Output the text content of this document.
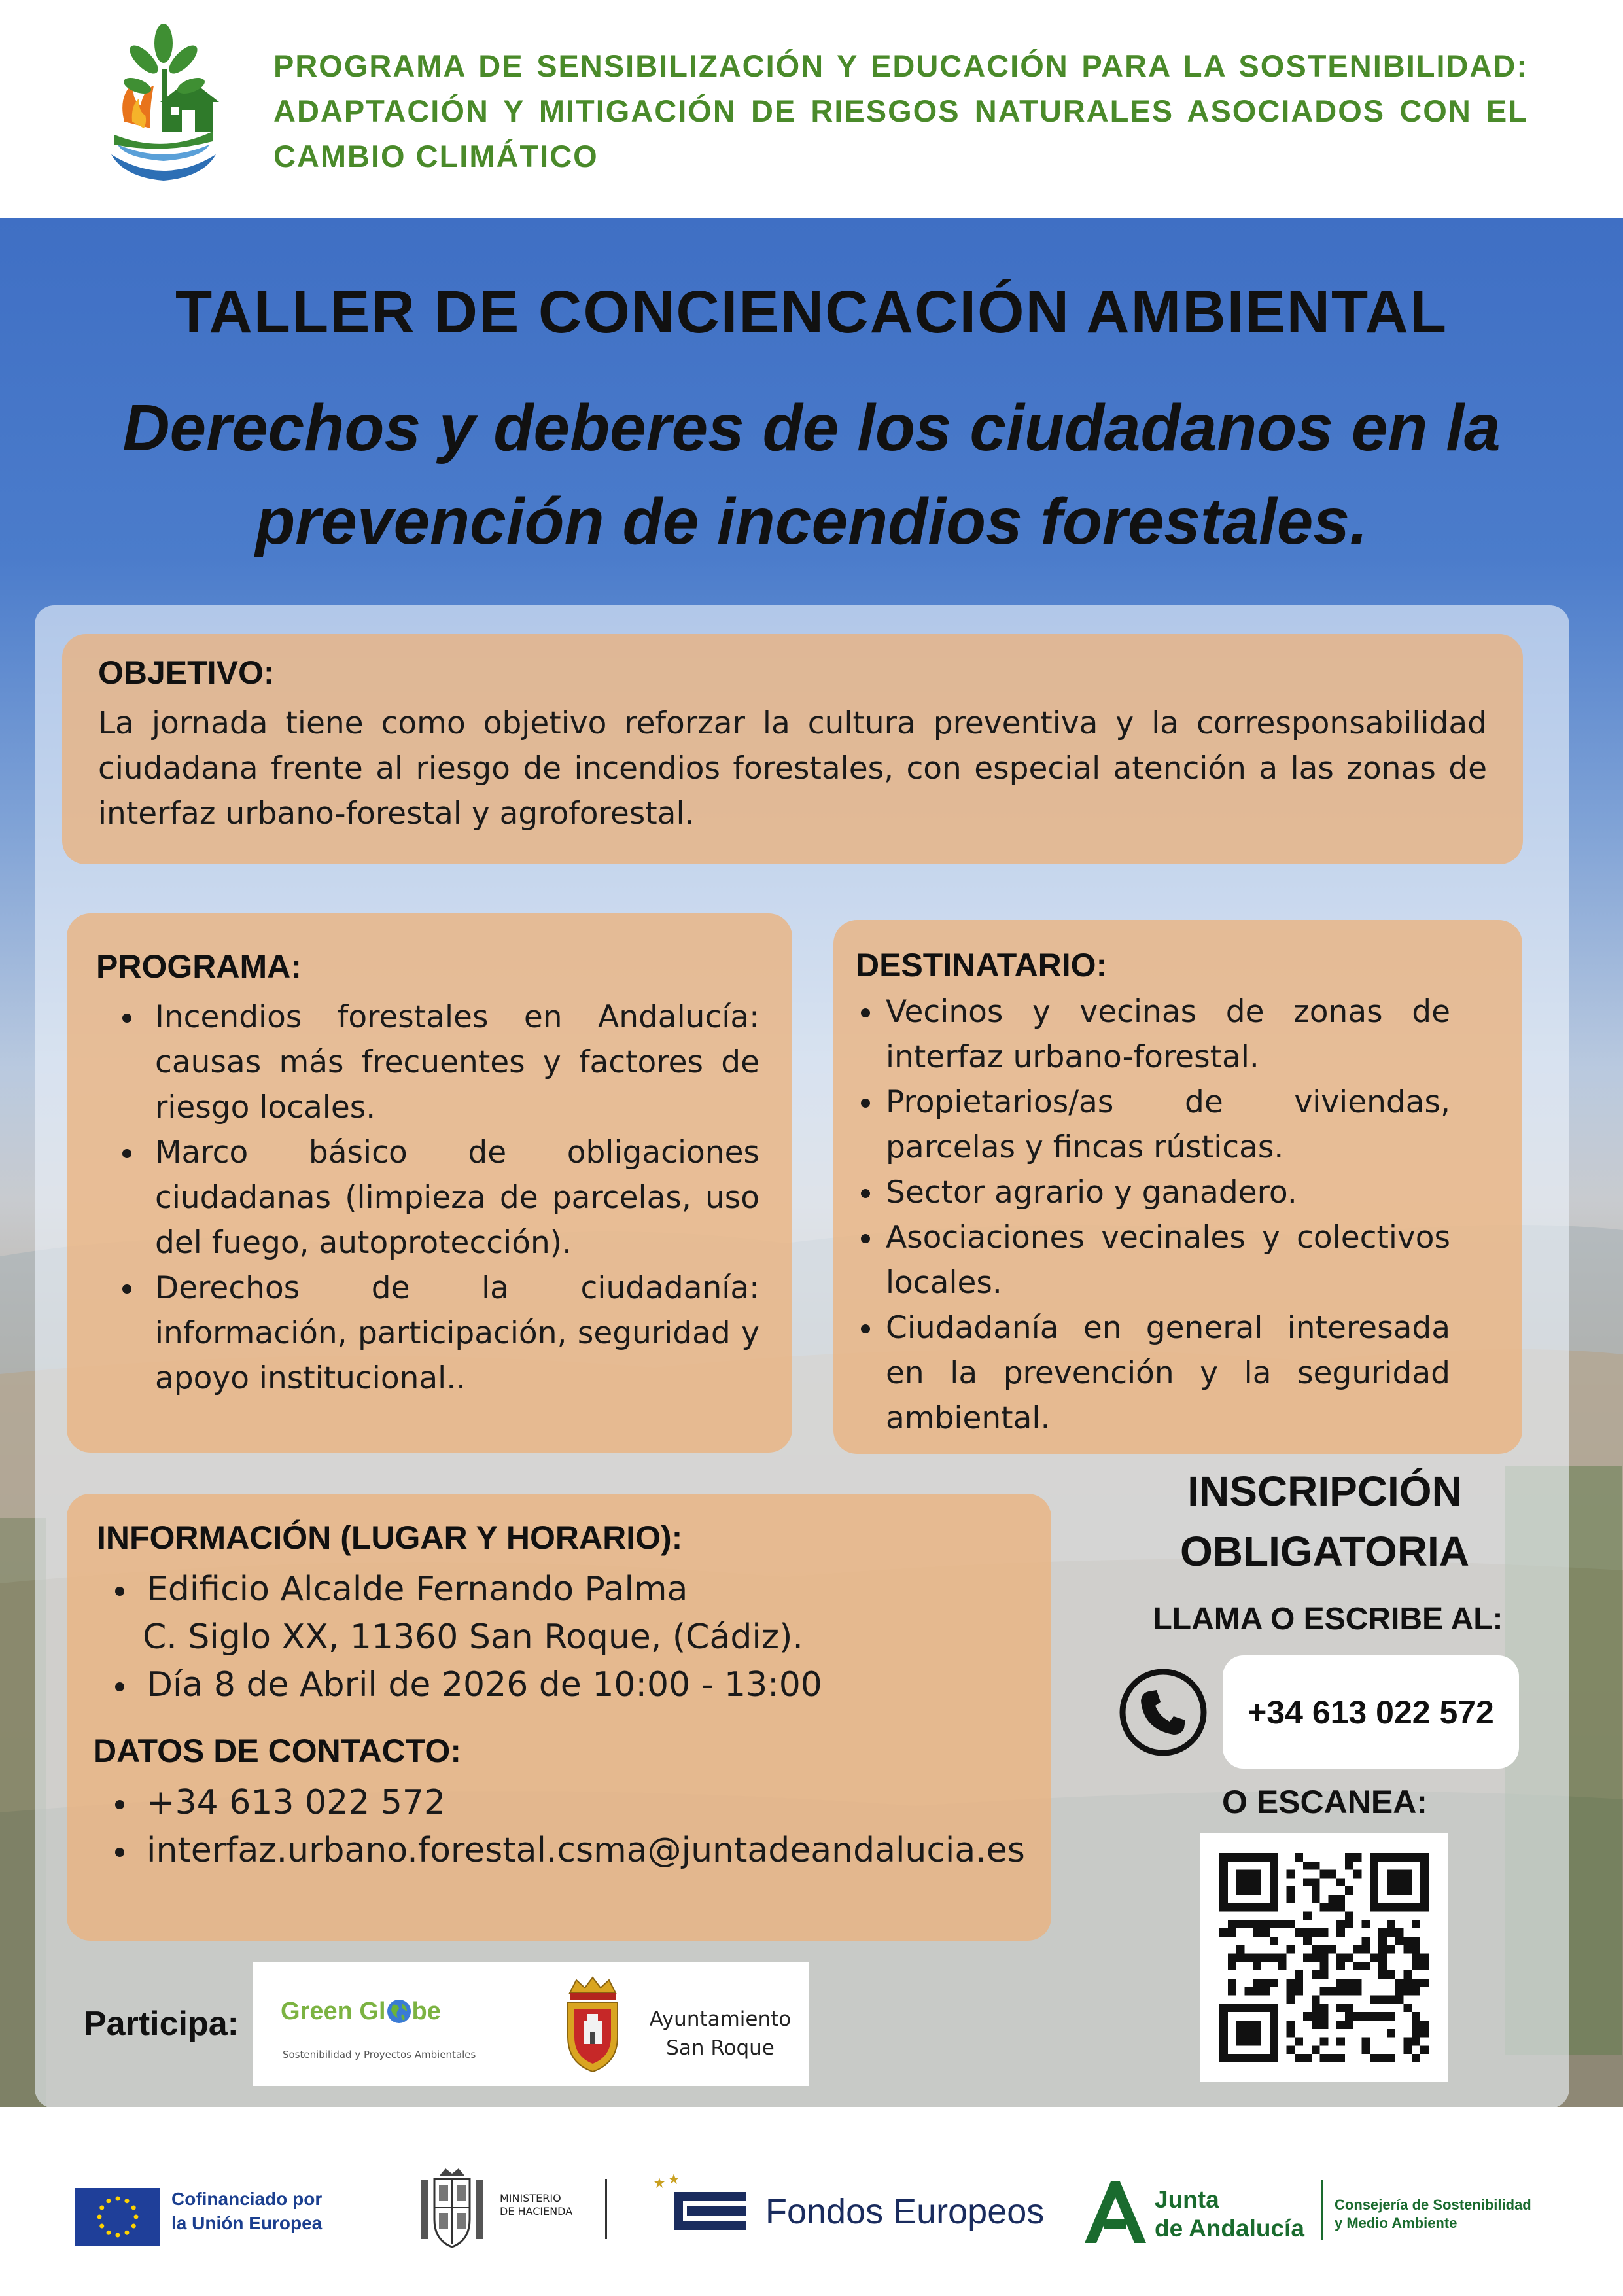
PROGRAMA DE SENSIBILIZACIÓN Y EDUCACIÓN PARA LA SOSTENIBILIDAD:
ADAPTACIÓN Y MITIGACIÓN DE RIESGOS NATURALES ASOCIADOS CON EL
CAMBIO CLIMÁTICO
TALLER DE CONCIENCACIÓN AMBIENTAL
Derechos y deberes de los ciudadanos en la
prevención de incendios forestales.
OBJETIVO:

La jornada tiene como objetivo reforzar la cultura preventiva y la corresponsabilidad ciudadana frente al riesgo de incendios forestales, con especial atención a las zonas de interfaz urbano-forestal y agroforestal.

PROGRAMA:
Incendios forestales en Andalucía: causas más frecuentes y factores de riesgo locales.
Marco básico de obligaciones ciudadanas (limpieza de parcelas, uso del fuego, autoprotección).
Derechos de la ciudadanía: información, participación, seguridad y apoyo institucional..
DESTINATARIO:
Vecinos y vecinas de zonas de interfaz urbano-forestal.
Propietarios/as de viviendas, parcelas y fincas rústicas.
Sector agrario y ganadero.
Asociaciones vecinales y colectivos locales.
Ciudadanía en general interesada en la prevención y la seguridad ambiental.
INFORMACIÓN (LUGAR Y HORARIO):
Edificio Alcalde Fernando Palma
C. Siglo XX, 11360 San Roque, (Cádiz).
Día 8 de Abril de 2026 de 10:00 - 13:00
DATOS DE CONTACTO:
+34 613 022 572
interfaz.urbano.forestal.csma@juntadeandalucia.es
INSCRIPCIÓN
OBLIGATORIA
LLAMA O ESCRIBE AL:
+34 613 022 572
O ESCANEA:
Participa: Green Gl be
Sostenibilidad y Proyectos Ambientales
Ayuntamiento
San Roque
Cofinanciado por
la Unión Europea
MINISTERIO
DE HACIENDA	Fondos Europeos	Junta
de Andalucía
Consejería de Sostenibilidad
y Medio Ambiente
